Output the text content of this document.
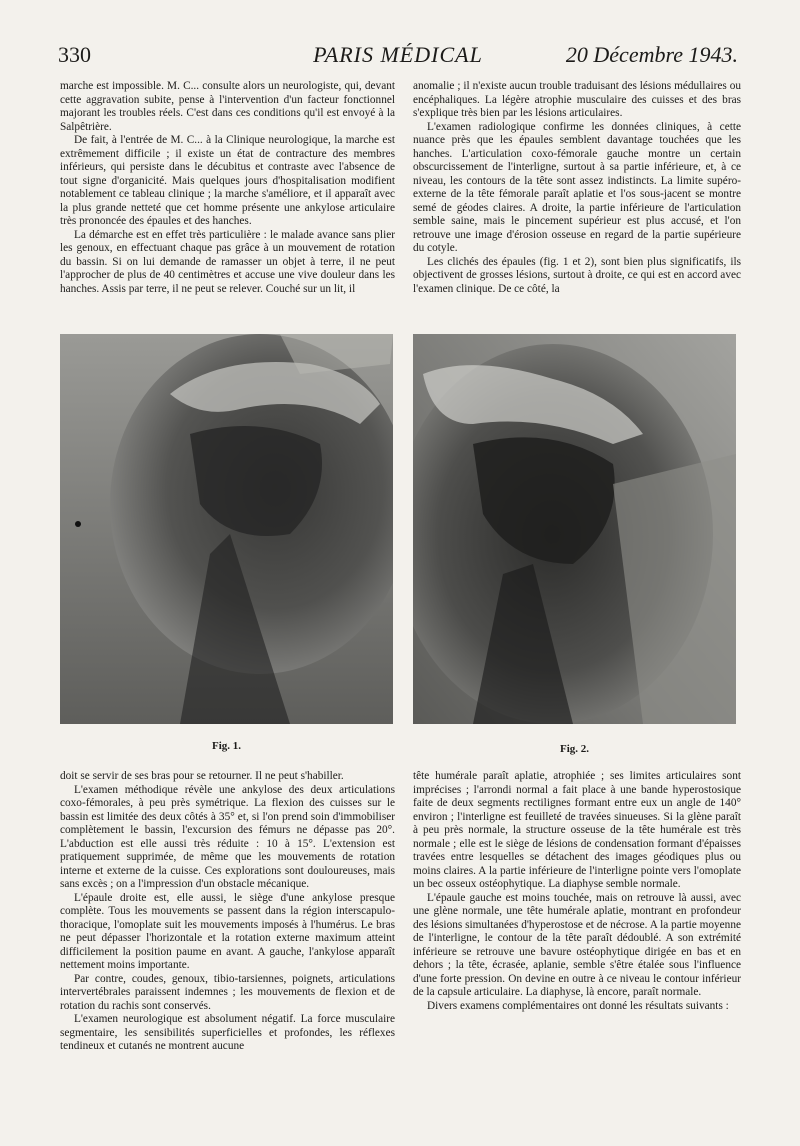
330	PARIS MÉDICAL	20 Décembre 1943.

marche est impossible. M. C... consulte alors un neurologiste, qui, devant cette aggravation subite, pense à l'intervention d'un facteur fonctionnel majorant les troubles réels. C'est dans ces conditions qu'il est envoyé à la Salpêtrière.

De fait, à l'entrée de M. C... à la Clinique neurologique, la marche est extrêmement difficile ; il existe un état de contracture des membres inférieurs, qui persiste dans le décubitus et contraste avec l'absence de tout signe d'organicité. Mais quelques jours d'hospitalisation modifient notablement ce tableau clinique ; la marche s'améliore, et il apparaît avec la plus grande netteté que cet homme présente une ankylose articulaire très prononcée des épaules et des hanches.

La démarche est en effet très particulière : le malade avance sans plier les genoux, en effectuant chaque pas grâce à un mouvement de rotation du bassin. Si on lui demande de ramasser un objet à terre, il ne peut l'approcher de plus de 40 centimètres et accuse une vive douleur dans les hanches. Assis par terre, il ne peut se relever. Couché sur un lit, il

anomalie ; il n'existe aucun trouble traduisant des lésions médullaires ou encéphaliques. La légère atrophie musculaire des cuisses et des bras s'explique très bien par les lésions articulaires.

L'examen radiologique confirme les données cliniques, à cette nuance près que les épaules semblent davantage touchées que les hanches. L'articulation coxo-fémorale gauche montre un certain obscurcissement de l'interligne, surtout à sa partie inférieure, et, à ce niveau, les contours de la tête sont assez indistincts. La limite supéro-externe de la tête fémorale paraît aplatie et l'os sous-jacent se montre semé de géodes claires. A droite, la partie inférieure de l'articulation semble saine, mais le pincement supérieur est plus accusé, et l'on retrouve une image d'érosion osseuse en regard de la partie supérieure du cotyle.

Les clichés des épaules (fig. 1 et 2), sont bien plus significatifs, ils objectivent de grosses lésions, surtout à droite, ce qui est en accord avec l'examen clinique. De ce côté, la

Fig. 1.	Fig. 2.

doit se servir de ses bras pour se retourner. Il ne peut s'habiller.

L'examen méthodique révèle une ankylose des deux articulations coxo-fémorales, à peu près symétrique. La flexion des cuisses sur le bassin est limitée des deux côtés à 35° et, si l'on prend soin d'immobiliser complètement le bassin, l'excursion des fémurs ne dépasse pas 20°. L'abduction est elle aussi très réduite : 10 à 15°. L'extension est pratiquement supprimée, de même que les mouvements de rotation interne et externe de la cuisse. Ces explorations sont douloureuses, mais sans excès ; on a l'impression d'un obstacle mécanique.

L'épaule droite est, elle aussi, le siège d'une ankylose presque complète. Tous les mouvements se passent dans la région interscapulo-thoracique, l'omoplate suit les mouvements imposés à l'humérus. Le bras ne peut dépasser l'horizontale et la rotation externe maximum atteint difficilement la position paume en avant. A gauche, l'ankylose apparaît nettement moins importante.

Par contre, coudes, genoux, tibio-tarsiennes, poignets, articulations intervertébrales paraissent indemnes ; les mouvements de flexion et de rotation du rachis sont conservés.

L'examen neurologique est absolument négatif. La force musculaire segmentaire, les sensibilités superficielles et profondes, les réflexes tendineux et cutanés ne montrent aucune

tête humérale paraît aplatie, atrophiée ; ses limites articulaires sont imprécises ; l'arrondi normal a fait place à une bande hyperostosique faite de deux segments rectilignes formant entre eux un angle de 140° environ ; l'interligne est feuilleté de travées sinueuses. Si la glène paraît à peu près normale, la structure osseuse de la tête humérale est très normale ; elle est le siège de lésions de condensation formant d'épaisses travées entre lesquelles se détachent des images géodiques plus ou moins claires. A la partie inférieure de l'interligne pointe vers l'omoplate un bec osseux ostéophytique. La diaphyse semble normale.

L'épaule gauche est moins touchée, mais on retrouve là aussi, avec une glène normale, une tête humérale aplatie, montrant en profondeur des lésions simultanées d'hyperostose et de nécrose. A la partie moyenne de l'interligne, le contour de la tête paraît dédoublé. A son extrémité inférieure se retrouve une bavure ostéophytique dirigée en bas et en dehors ; la tête, écrasée, aplanie, semble s'être étalée sous l'influence d'une forte pression. On devine en outre à ce niveau le contour inférieur de la capsule articulaire. La diaphyse, là encore, paraît normale.

Divers examens complémentaires ont donné les résultats suivants :
